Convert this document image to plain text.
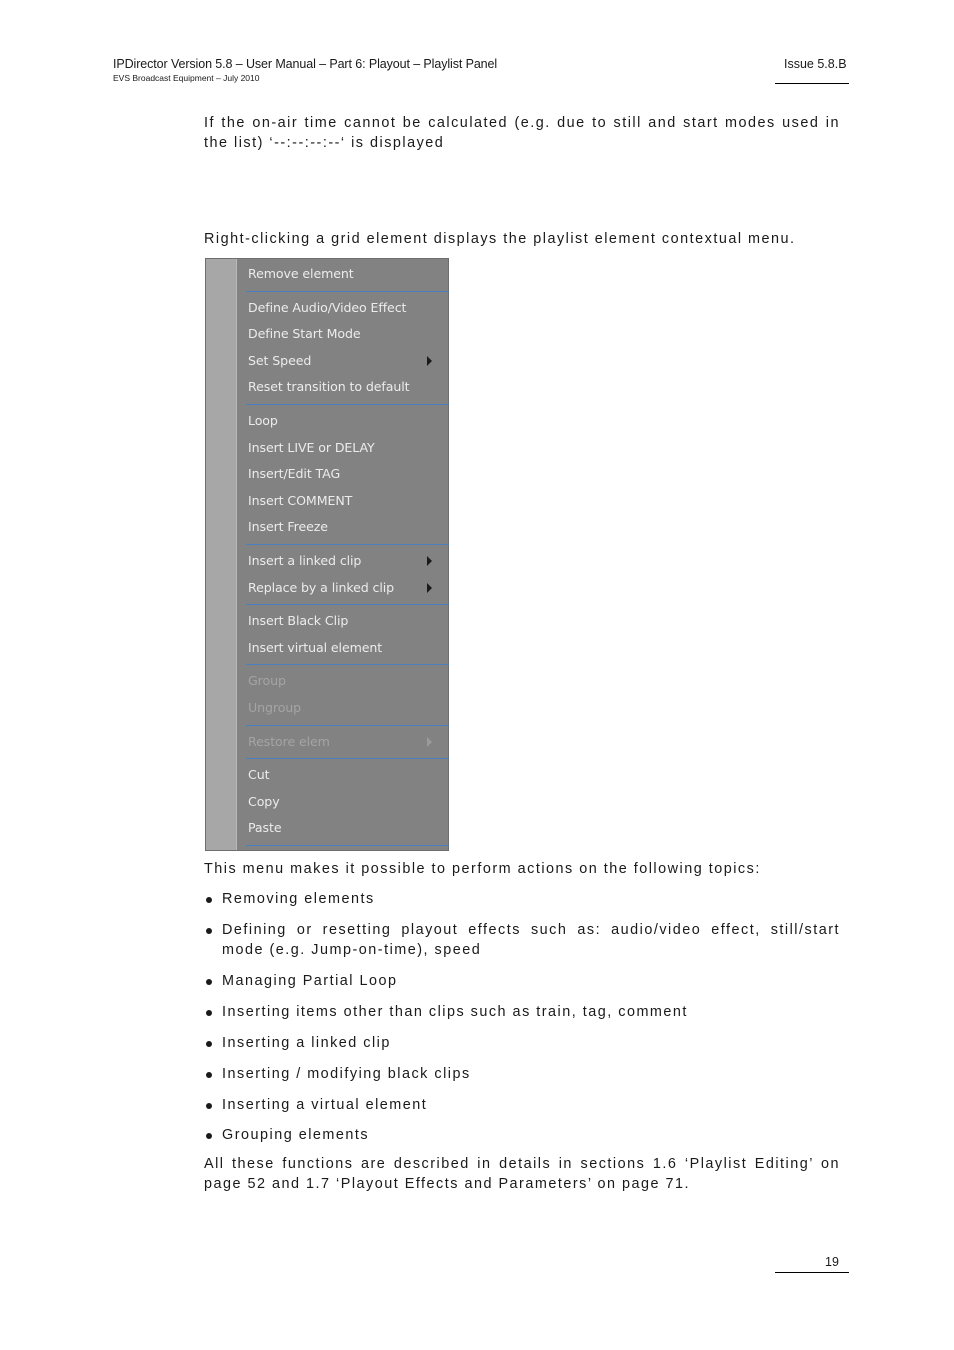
IPDirector Version 5.8 – User Manual – Part 6: Playout – Playlist Panel
EVS Broadcast Equipment – July 2010
Issue 5.8.B

If the on-air time cannot be calculated (e.g. due to still and start modes used in the list) ‘--:--:--:--‘ is displayed

Right-clicking a grid element displays the playlist element contextual menu.

Remove element
Define Audio/Video Effect
Define Start Mode
Set Speed
Reset transition to default
Loop
Insert LIVE or DELAY
Insert/Edit TAG
Insert COMMENT
Insert Freeze
Insert a linked clip
Replace by a linked clip
Insert Black Clip
Insert virtual element
Group
Ungroup
Restore elem
Cut
Copy
Paste

This menu makes it possible to perform actions on the following topics:

Removing elements
Defining or resetting playout effects such as: audio/video effect, still/start mode (e.g. Jump-on-time), speed
Managing Partial Loop
Inserting items other than clips such as train, tag, comment
Inserting a linked clip
Inserting / modifying black clips
Inserting a virtual element
Grouping elements

All these functions are described in details in sections 1.6 ‘Playlist Editing’ on page 52 and 1.7 ‘Playout Effects and Parameters’ on page 71.

19
